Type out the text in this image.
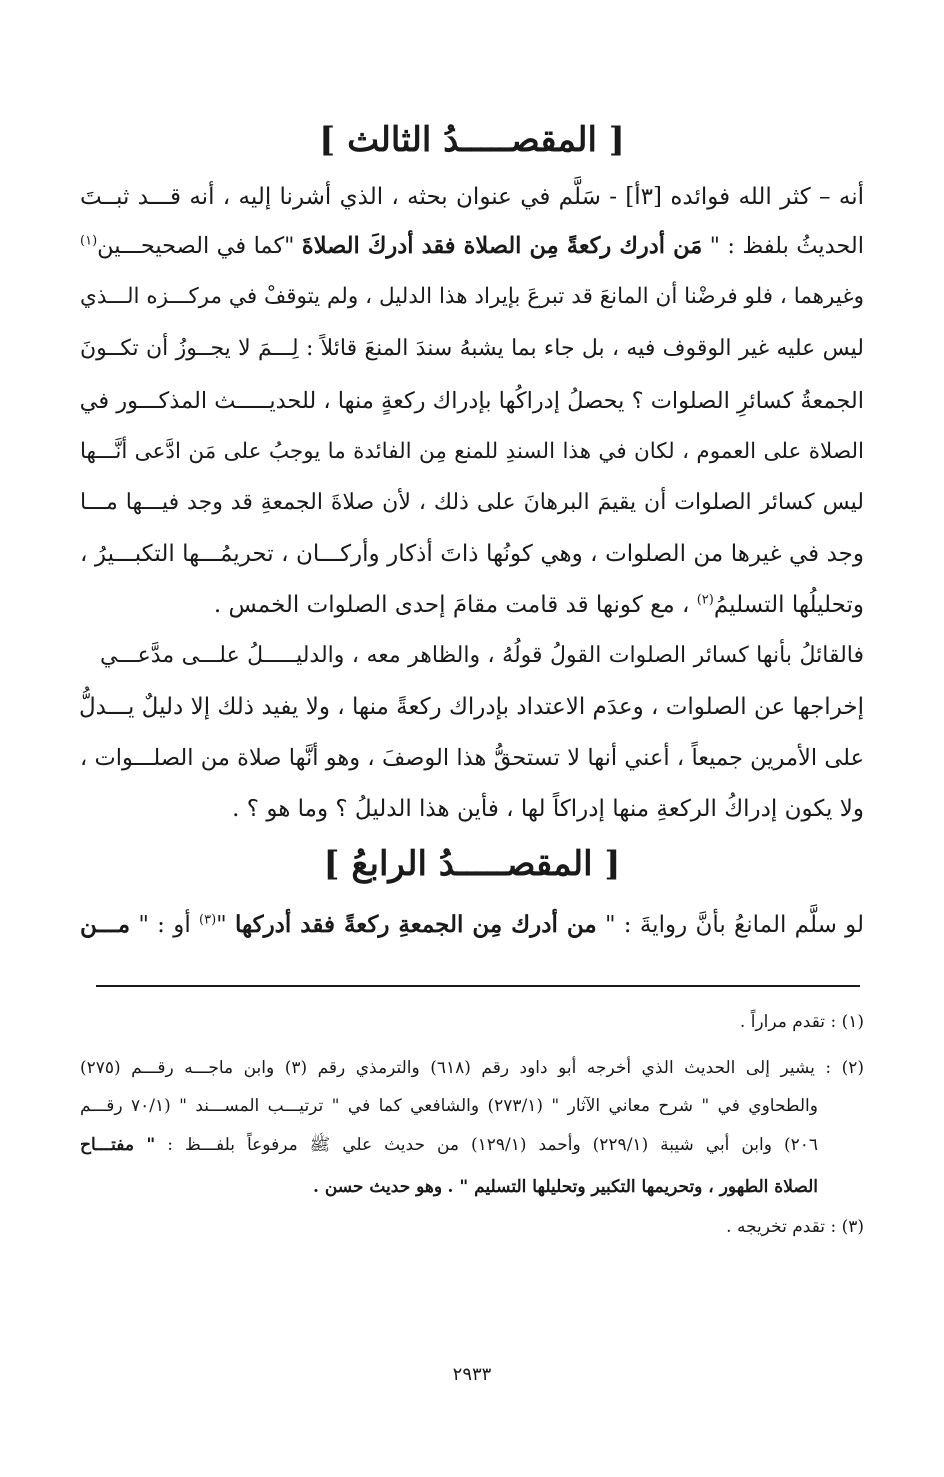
[ المقصـــــدُ الثالث ]
أنه – كثر الله فوائده [٣أ] - سَلَّم في عنوان بحثه ، الذي أشرنا إليه ، أنه قـــد ثبــتَ
الحديثُ بلفظ : " مَن أدرك ركعةً مِن الصلاة فقد أدركَ الصلاةَ "كما في الصحيحـــين$^{(١)}$
وغيرهما ، فلو فرضْنا أن المانعَ قد تبرعَ بإيراد هذا الدليل ، ولم يتوقفْ في مركـــزه الـــذي
ليس عليه غير الوقوف فيه ، بل جاء بما يشبهُ سندَ المنعَ قائلاً : لِـــمَ لا يجــوزُ أن تكــونَ
الجمعةُ كسائرِ الصلوات ؟ يحصلُ إدراكُها بإدراك ركعةٍ منها ، للحديـــــث المذكـــور في
الصلاة على العموم ، لكان في هذا السندِ للمنع مِن الفائدة ما يوجبُ على مَن ادَّعى أنَّـــها
ليس كسائر الصلوات أن يقيمَ البرهانَ على ذلك ، لأن صلاةَ الجمعةِ قد وجد فيـــها مـــا
وجد في غيرها من الصلوات ، وهي كونُها ذاتَ أذكار وأركـــان ، تحريمُـــها التكبـــيرُ ،
وتحليلُها التسليمُ$^{(٢)}$ ، مع كونها قد قامت مقامَ إحدى الصلوات الخمس .
فالقائلُ بأنها كسائر الصلوات القولُ قولُهُ ، والظاهر معه ، والدليـــــلُ علـــى مدَّعـــي
إخراجها عن الصلوات ، وعدَم الاعتداد بإدراك ركعةً منها ، ولا يفيد ذلك إلا دليلٌ يـــدلُّ
على الأمرين جميعاً ، أعني أنها لا تستحقُّ هذا الوصفَ ، وهو أنَّها صلاة من الصلـــوات ،
ولا يكون إدراكُ الركعةِ منها إدراكاً لها ، فأين هذا الدليلُ ؟ وما هو ؟ .
[ المقصـــــدُ الرابعُ ]
لو سلَّم المانعُ بأنَّ روايةَ : " من أدرك مِن الجمعةِ ركعةً فقد أدركها "$^{(٣)}$ أو : " مـــن
(١) : تقدم مراراً .
(٢) : يشير إلى الحديث الذي أخرجه أبو داود رقم (٦١٨) والترمذي رقم (٣) وابن ماجـــه رقـــم (٢٧٥)
والطحاوي في " شرح معاني الآثار " (٢٧٣/١) والشافعي كما في " ترتيـــب المســـند " (٧٠/١ رقـــم
٢٠٦) وابن أبي شيبة (٢٢٩/١) وأحمد (١٢٩/١) من حديث علي ﷺ مرفوعاً بلفـــظ : " مفتـــاح
الصلاة الطهور ، وتحريمها التكبير وتحليلها التسليم " . وهو حديث حسن .
(٣) : تقدم تخريجه .
٢٩٣٣
